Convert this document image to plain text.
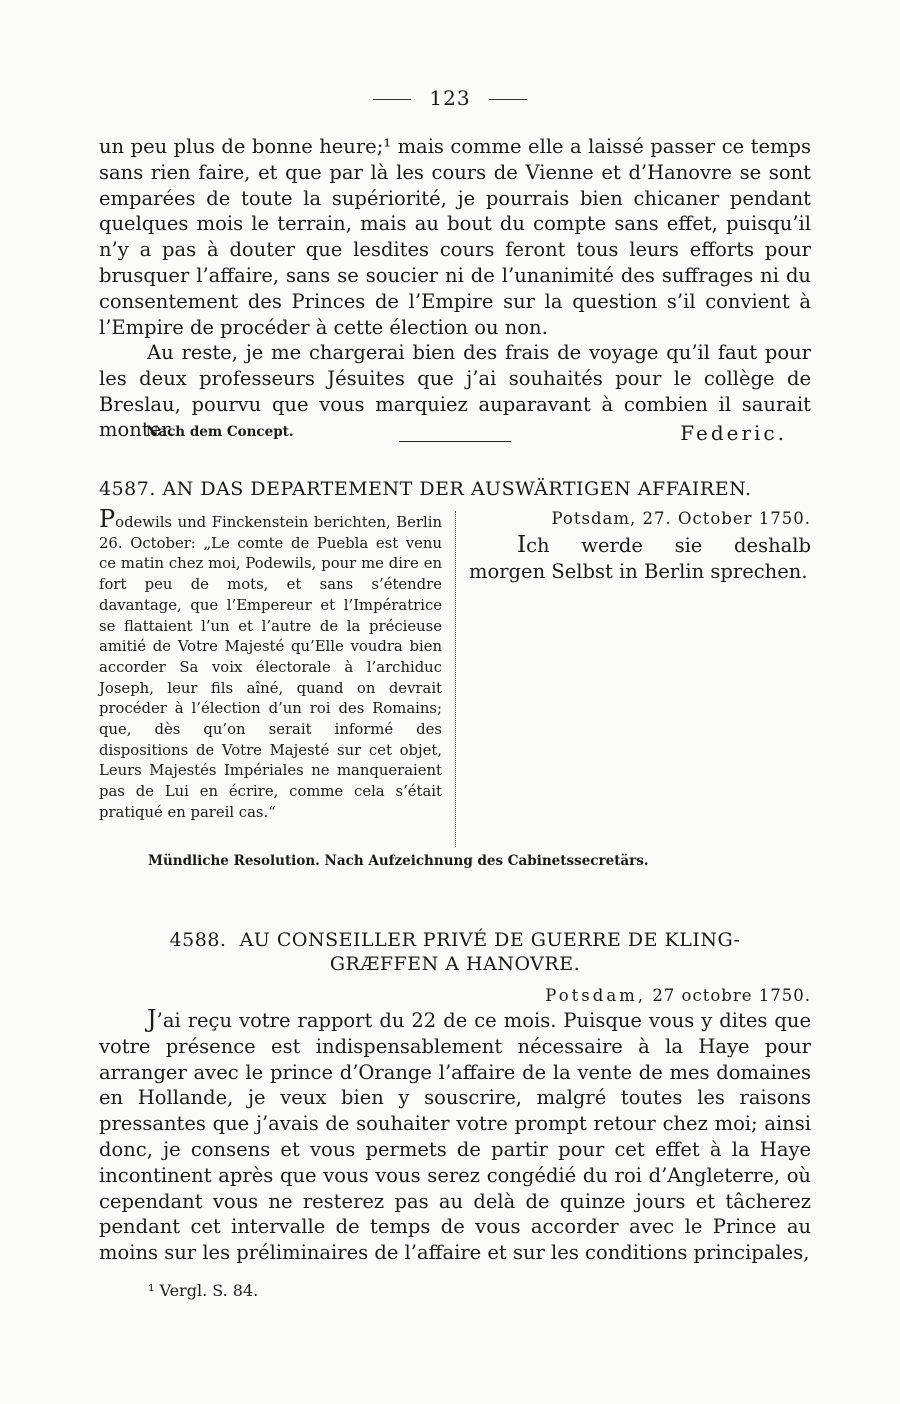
123
un peu plus de bonne heure;¹ mais comme elle a laissé passer ce temps sans rien faire, et que par là les cours de Vienne et d’Hanovre se sont emparées de toute la supériorité, je pourrais bien chicaner pendant quelques mois le terrain, mais au bout du compte sans effet, puisqu’il n’y a pas à douter que lesdites cours feront tous leurs efforts pour brusquer l’affaire, sans se soucier ni de l’unanimité des suffrages ni du consentement des Princes de l’Empire sur la question s’il convient à l’Empire de procéder à cette élection ou non.
Au reste, je me chargerai bien des frais de voyage qu’il faut pour les deux professeurs Jésuites que j’ai souhaités pour le collège de Breslau, pourvu que vous marquiez auparavant à combien il saurait monter.
Nach dem Concept.	Federic.
4587. AN DAS DEPARTEMENT DER AUSWÄRTIGEN AFFAIREN.
Podewils und Finckenstein berichten, Berlin 26. October: „Le comte de Puebla est venu ce matin chez moi, Podewils, pour me dire en fort peu de mots, et sans s’étendre davantage, que l’Empereur et l’Impératrice se flattaient l’un et l’autre de la précieuse amitié de Votre Majesté qu’Elle voudra bien accorder Sa voix électorale à l’archiduc Joseph, leur fils aîné, quand on devrait procéder à l’élection d’un roi des Romains; que, dès qu’on serait informé des dispositions de Votre Majesté sur cet objet, Leurs Majestés Impériales ne manqueraient pas de Lui en écrire, comme cela s’était pratiqué en pareil cas.“
Potsdam, 27. October 1750.
Ich werde sie deshalb morgen Selbst in Berlin sprechen.
Mündliche Resolution. Nach Aufzeichnung des Cabinetssecretärs.
4588. AU CONSEILLER PRIVÉ DE GUERRE DE KLING-
GRÆFFEN A HANOVRE.
Potsdam, 27 octobre 1750.
J’ai reçu votre rapport du 22 de ce mois. Puisque vous y dites que votre présence est indispensablement nécessaire à la Haye pour arranger avec le prince d’Orange l’affaire de la vente de mes domaines en Hollande, je veux bien y souscrire, malgré toutes les raisons pressantes que j’avais de souhaiter votre prompt retour chez moi; ainsi donc, je consens et vous permets de partir pour cet effet à la Haye incontinent après que vous vous serez congédié du roi d’Angleterre, où cependant vous ne resterez pas au delà de quinze jours et tâcherez pendant cet intervalle de temps de vous accorder avec le Prince au moins sur les préliminaires de l’affaire et sur les conditions principales,
¹ Vergl. S. 84.
